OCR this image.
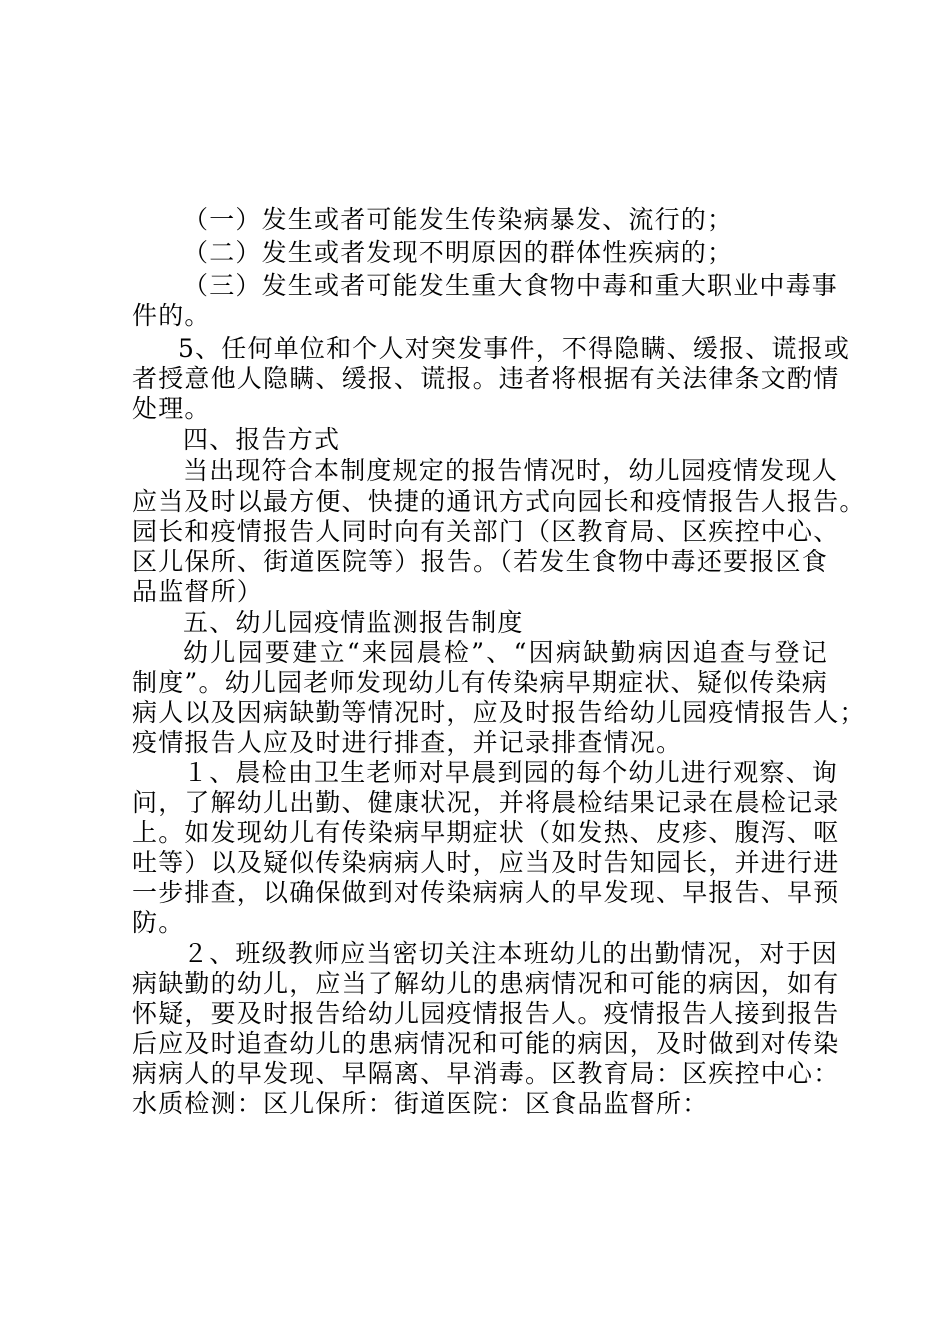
（一）发生或者可能发生传染病暴发、流行的；
（二）发生或者发现不明原因的群体性疾病的；
（三）发生或者可能发生重大食物中毒和重大职业中毒事
件的。
5、任何单位和个人对突发事件，不得隐瞒、缓报、谎报或
者授意他人隐瞒、缓报、谎报。违者将根据有关法律条文酌情
处理。
四、报告方式
当出现符合本制度规定的报告情况时，幼儿园疫情发现人
应当及时以最方便、快捷的通讯方式向园长和疫情报告人报告。
园长和疫情报告人同时向有关部门（区教育局、区疾控中心、
区儿保所、街道医院等）报告。（若发生食物中毒还要报区食
品监督所）
五、幼儿园疫情监测报告制度
幼儿园要建立“来园晨检”、“因病缺勤病因追查与登记
制度”。幼儿园老师发现幼儿有传染病早期症状、疑似传染病
病人以及因病缺勤等情况时，应及时报告给幼儿园疫情报告人；
疫情报告人应及时进行排查，并记录排查情况。
１、晨检由卫生老师对早晨到园的每个幼儿进行观察、询
问，了解幼儿出勤、健康状况，并将晨检结果记录在晨检记录
上。如发现幼儿有传染病早期症状（如发热、皮疹、腹泻、呕
吐等）以及疑似传染病病人时，应当及时告知园长，并进行进
一步排查，以确保做到对传染病病人的早发现、早报告、早预
防。
２、班级教师应当密切关注本班幼儿的出勤情况，对于因
病缺勤的幼儿，应当了解幼儿的患病情况和可能的病因，如有
怀疑，要及时报告给幼儿园疫情报告人。疫情报告人接到报告
后应及时追查幼儿的患病情况和可能的病因，及时做到对传染
病病人的早发现、早隔离、早消毒。区教育局：区疾控中心：
水质检测：区儿保所：街道医院：区食品监督所：
